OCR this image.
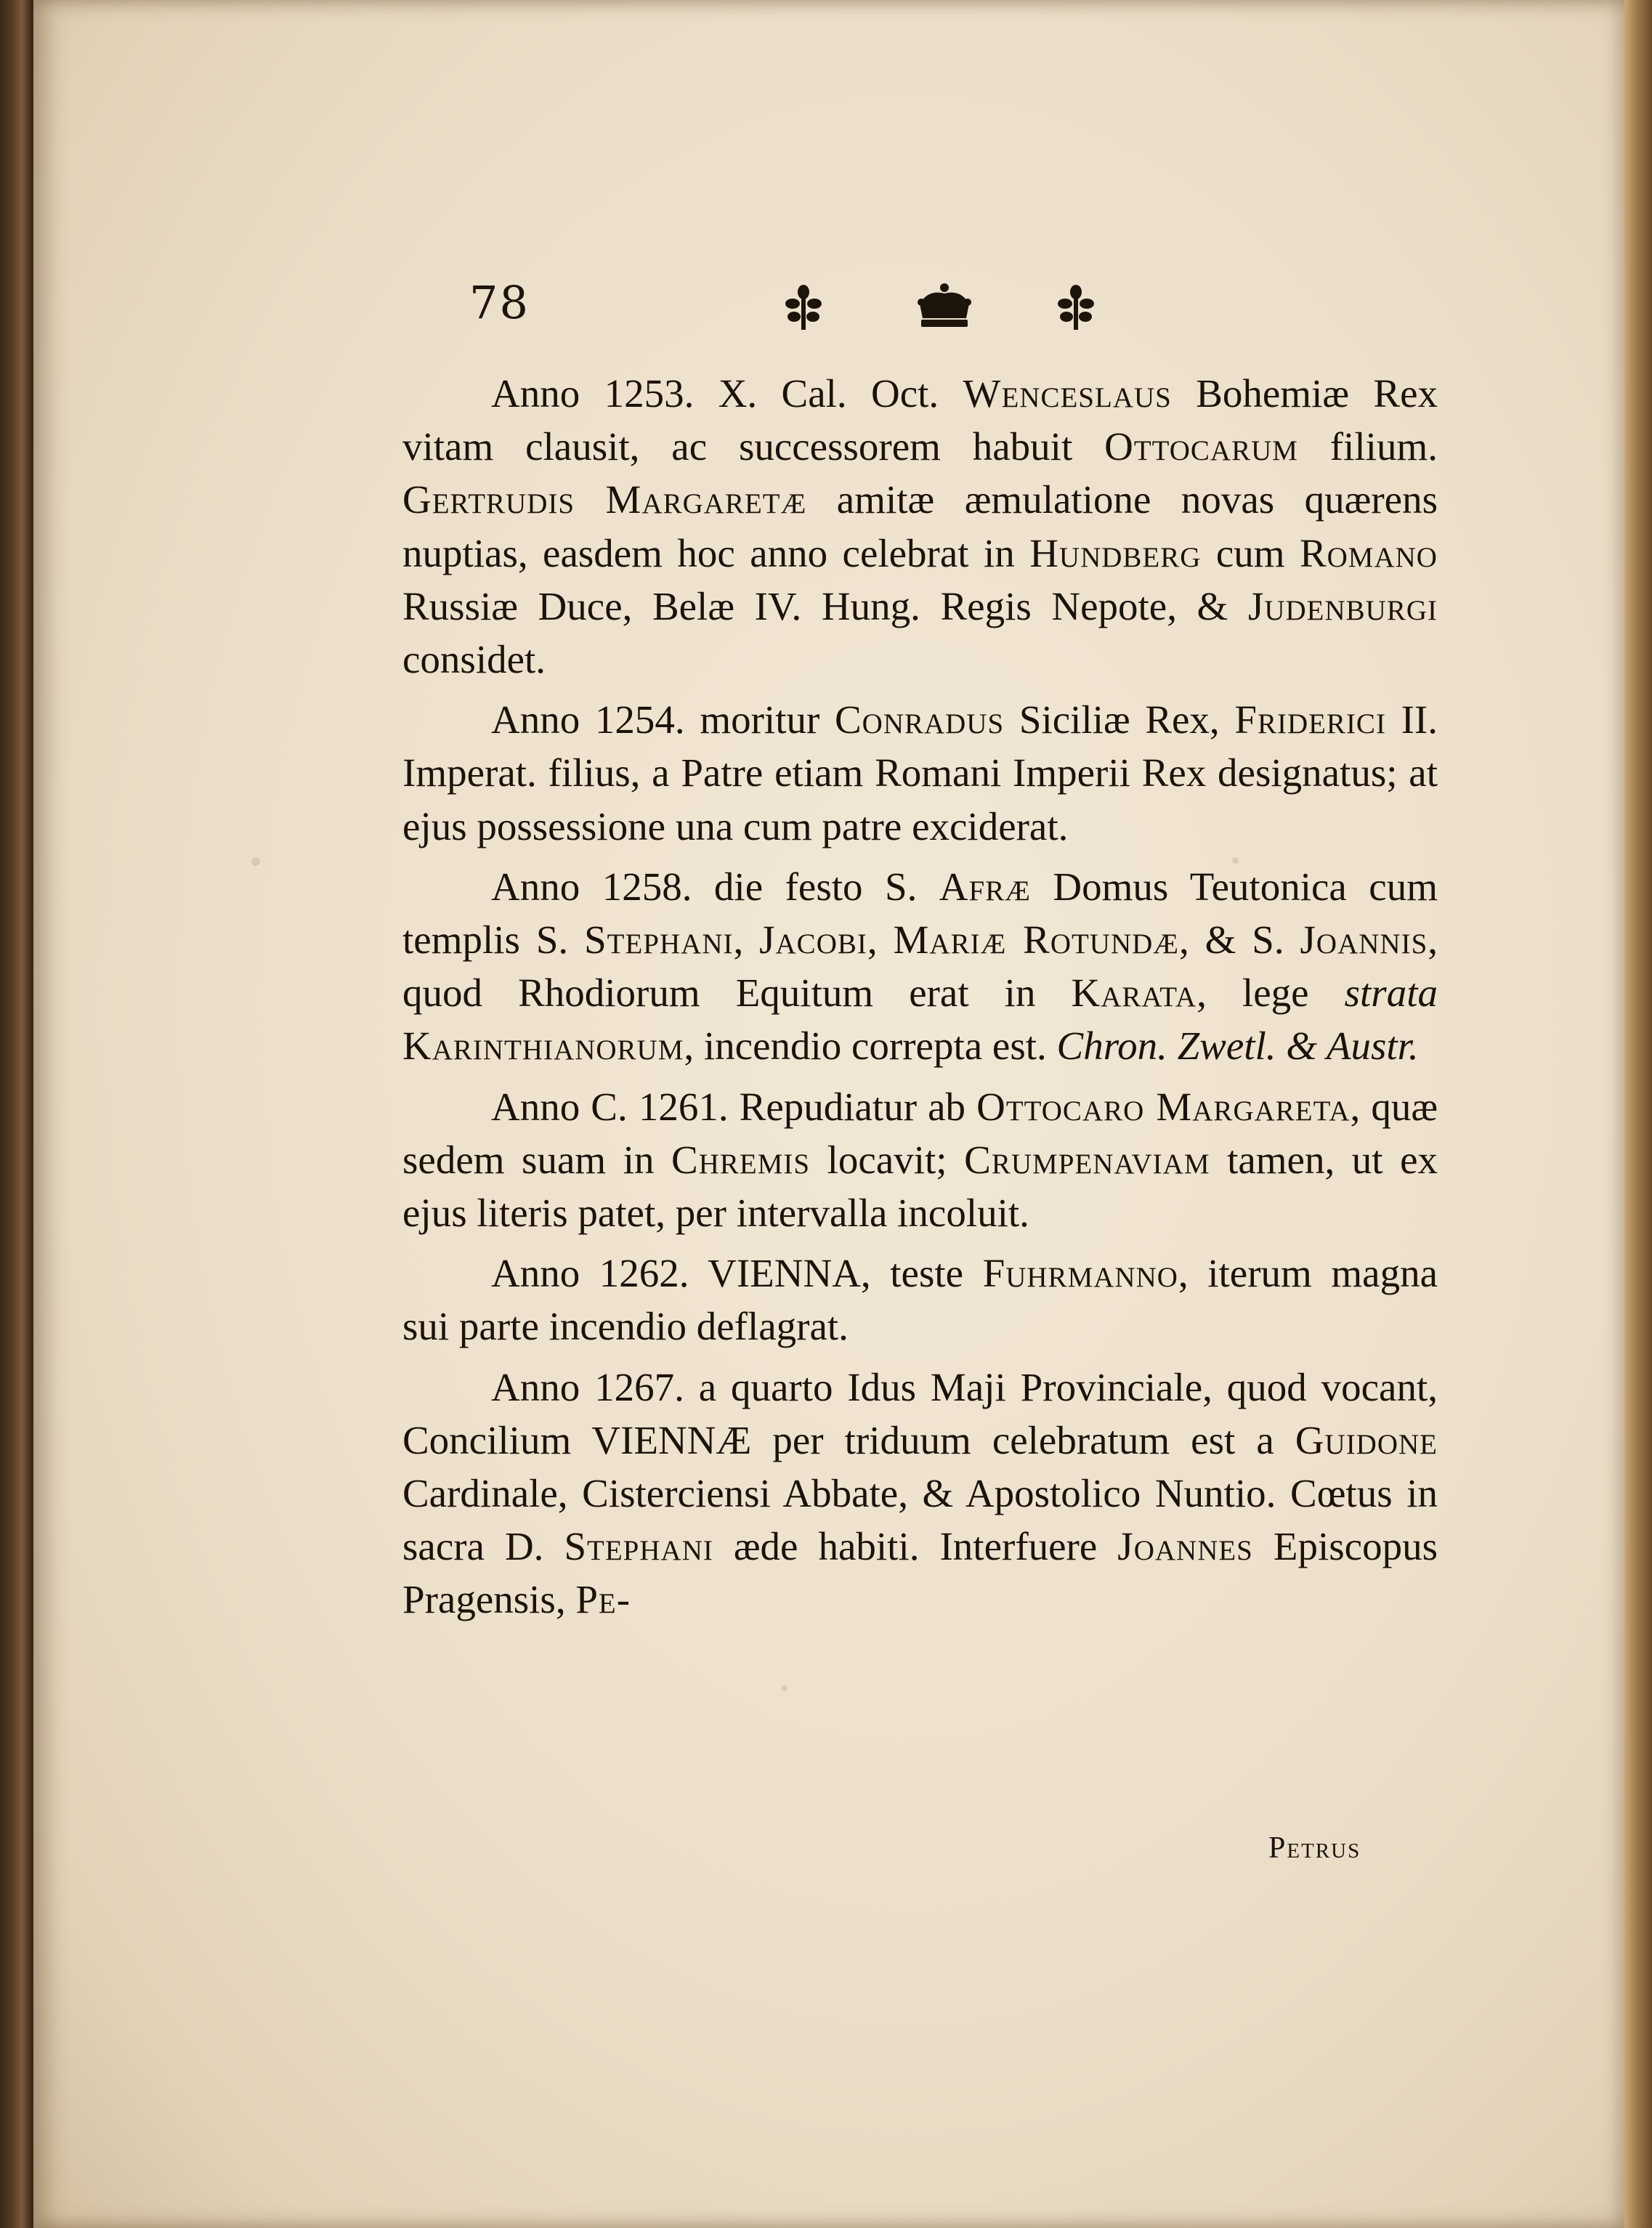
78

Anno 1253. X. Cal. Oct. Wenceslaus Bohemiæ Rex vitam clausit, ac successorem habuit Ottocarum filium. Gertrudis Margaretæ amitæ æmulatione novas quærens nuptias, easdem hoc anno celebrat in Hundberg cum Romano Russiæ Duce, Belæ IV. Hung. Regis Nepote, & Judenburgi considet.

Anno 1254. moritur Conradus Siciliæ Rex, Friderici II. Imperat. filius, a Patre etiam Romani Imperii Rex designatus; at ejus possessione una cum patre exciderat.

Anno 1258. die festo S. Afræ Domus Teutonica cum templis S. Stephani, Jacobi, Mariæ Rotundæ, & S. Joannis, quod Rhodiorum Equitum erat in Karata, lege strata Karinthianorum, incendio correpta est. Chron. Zwetl. & Austr.

Anno C. 1261. Repudiatur ab Ottocaro Margareta, quæ sedem suam in Chremis locavit; Crumpenaviam tamen, ut ex ejus literis patet, per intervalla incoluit.

Anno 1262. VIENNA, teste Fuhrmanno, iterum magna sui parte incendio deflagrat.

Anno 1267. a quarto Idus Maji Provinciale, quod vocant, Concilium VIENNÆ per triduum celebratum est a Guidone Cardinale, Cisterciensi Abbate, & Apostolico Nuntio. Cœtus in sacra D. Stephani æde habiti. Interfuere Joannes Episcopus Pragensis, Pe-

Petrus
